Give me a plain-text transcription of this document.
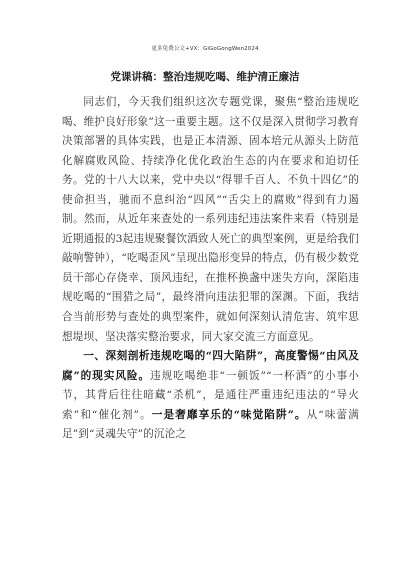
更多免费公文+VX：GiGoGongWen2024
党课讲稿：整治违规吃喝、维护清正廉洁

同志们，今天我们组织这次专题党课，聚焦“整治违规吃喝、维护良好形象”这一重要主题。这不仅是深入贯彻学习教育决策部署的具体实践，也是正本清源、固本培元从源头上防范化解腐败风险、持续净化优化政治生态的内在要求和迫切任务。党的十八大以来，党中央以“得罪千百人、不负十四亿”的使命担当，驰而不息纠治“四风”“舌尖上的腐败”得到有力遏制。然而，从近年来查处的一系列违纪违法案件来看（特别是近期通报的3起违规聚餐饮酒致人死亡的典型案例，更是给我们敲响警钟），“吃喝歪风”呈现出隐形变异的特点，仍有极少数党员干部心存侥幸、顶风违纪，在推杯换盏中迷失方向，深陷违规吃喝的“围猎之局”，最终滑向违法犯罪的深渊。下面，我结合当前形势与查处的典型案件，就如何深刻认清危害、筑牢思想堤坝、坚决落实整治要求，同大家交流三方面意见。

一、深刻剖析违规吃喝的“四大陷阱”，高度警惕“由风及腐”的现实风险。违规吃喝绝非“一顿饭”“一杯酒”的小事小节，其背后往往暗藏“杀机”，是通往严重违纪违法的“导火索”和“催化剂”。一是奢靡享乐的“味觉陷阱”。从“味蕾满足”到“灵魂失守”的沉沦之
